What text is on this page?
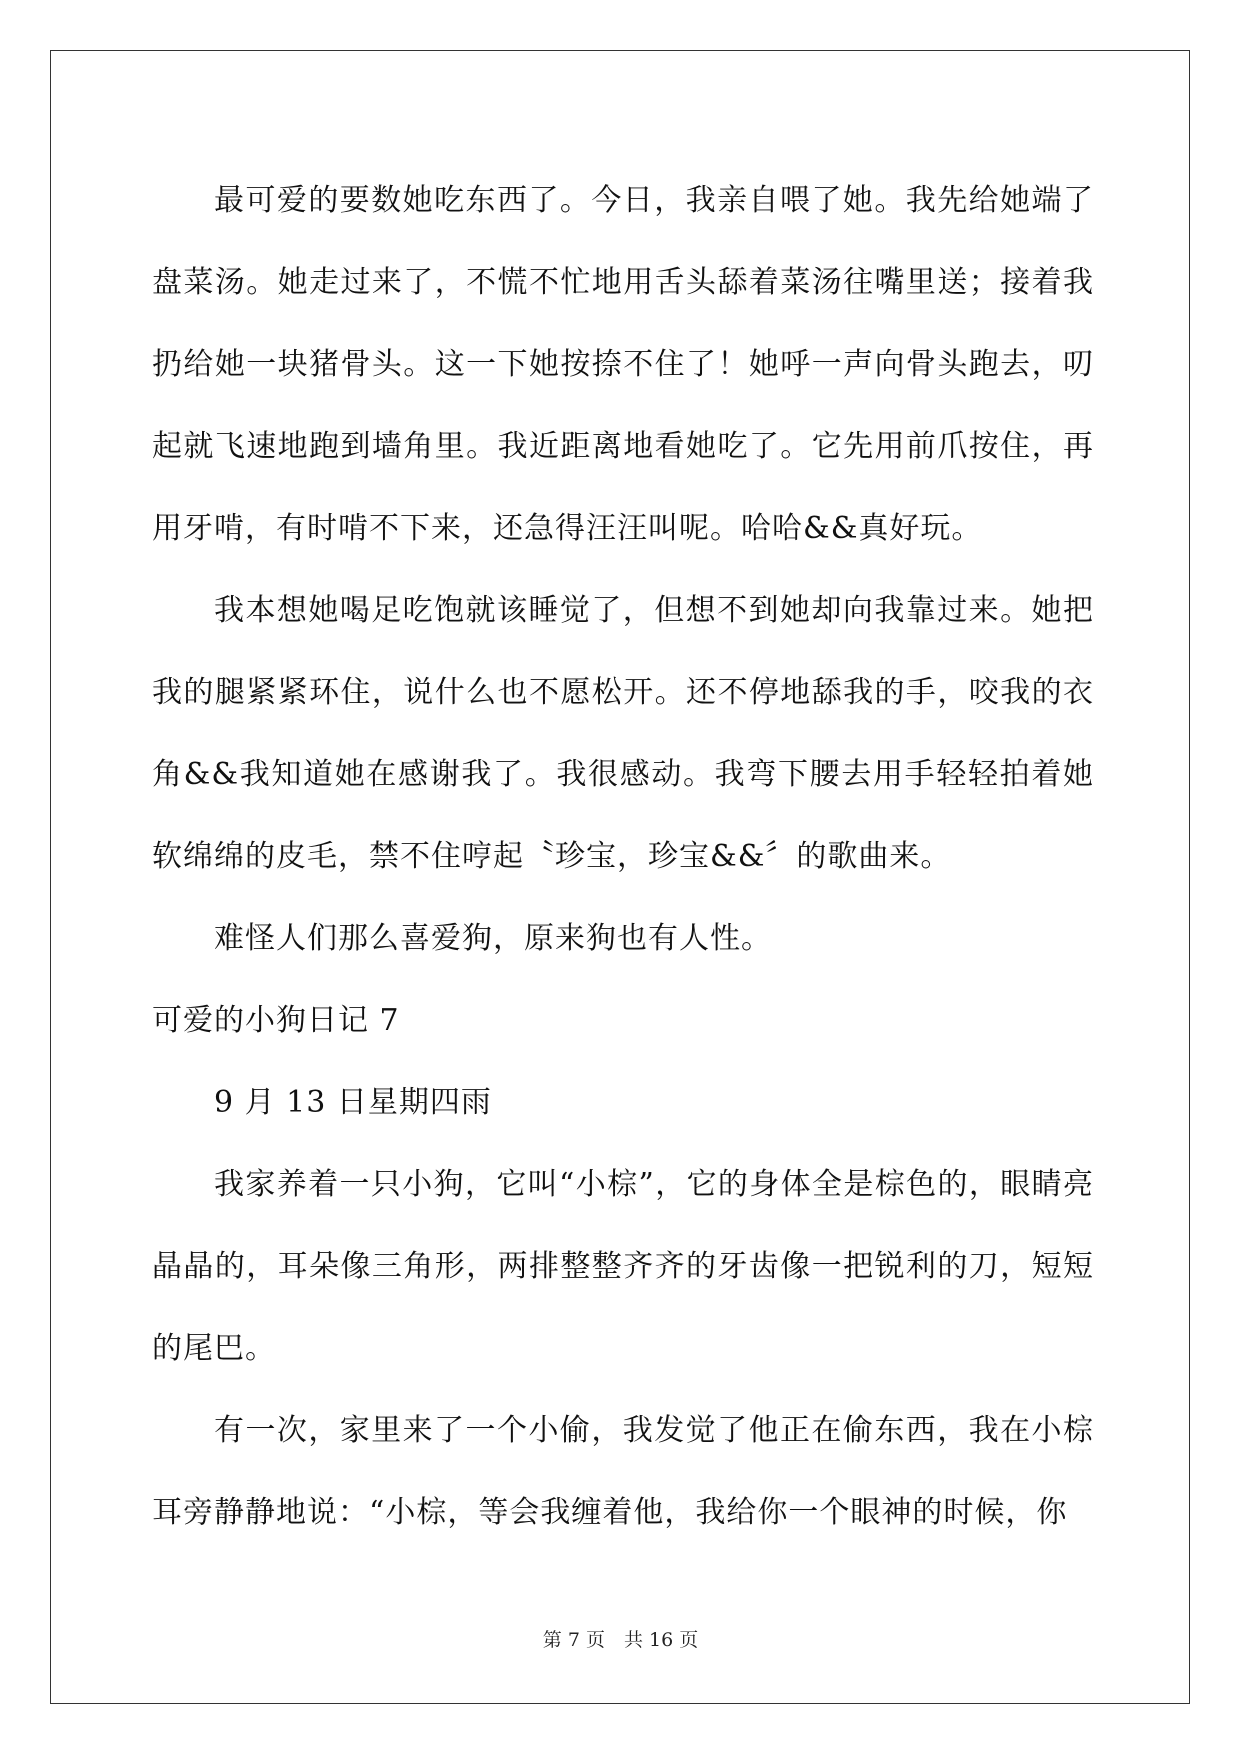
最可爱的要数她吃东西了。今日，我亲自喂了她。我先给她端了盘菜汤。她走过来了，不慌不忙地用舌头舔着菜汤往嘴里送；接着我扔给她一块猪骨头。这一下她按捺不住了！她呼一声向骨头跑去，叨起就飞速地跑到墙角里。我近距离地看她吃了。它先用前爪按住，再用牙啃，有时啃不下来，还急得汪汪叫呢。哈哈&&真好玩。

我本想她喝足吃饱就该睡觉了，但想不到她却向我靠过来。她把我的腿紧紧环住，说什么也不愿松开。还不停地舔我的手，咬我的衣角&&我知道她在感谢我了。我很感动。我弯下腰去用手轻轻拍着她软绵绵的皮毛，禁不住哼起〝珍宝，珍宝&&〞的歌曲来。

难怪人们那么喜爱狗，原来狗也有人性。

可爱的小狗日记 7

9 月 13 日星期四雨

我家养着一只小狗，它叫“小棕”，它的身体全是棕色的，眼睛亮晶晶的，耳朵像三角形，两排整整齐齐的牙齿像一把锐利的刀，短短的尾巴。

有一次，家里来了一个小偷，我发觉了他正在偷东西，我在小棕耳旁静静地说：“小棕，等会我缠着他，我给你一个眼神的时候，你

第 7 页　共 16 页
